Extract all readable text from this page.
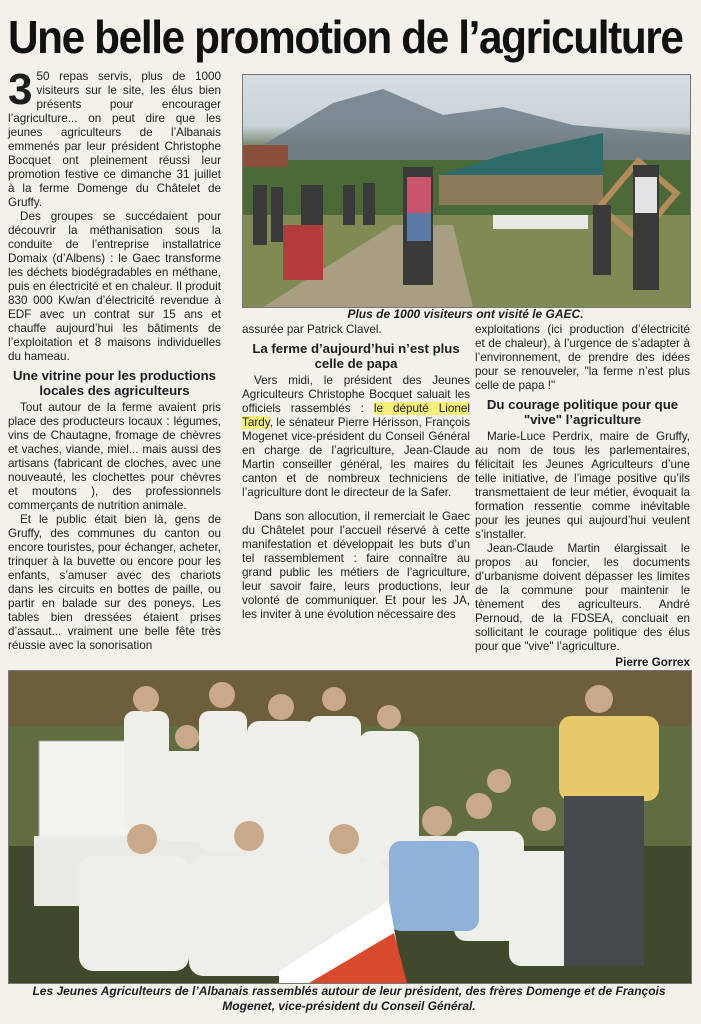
Une belle promotion de l’agriculture

3 50 repas servis, plus de 1000 visiteurs sur le site, les élus bien présents pour encourager l’agriculture... on peut dire que les jeunes agriculteurs de l’Albanais emmenés par leur président Christophe Bocquet ont pleinement réussi leur promotion festive ce dimanche 31 juillet à la ferme Domenge du Châtelet de Gruffy.

Des groupes se succédaient pour découvrir la méthanisation sous la conduite de l’entreprise installatrice Domaix (d’Albens) : le Gaec transforme les déchets biodégradables en méthane, puis en électricité et en chaleur. Il produit 830 000 Kw/an d’électricité revendue à EDF avec un contrat sur 15 ans et chauffe aujourd’hui les bâtiments de l’exploitation et 8 maisons individuelles du hameau.

Une vitrine pour les productions locales des agriculteurs

Tout autour de la ferme avaient pris place des producteurs locaux : légumes, vins de Chautagne, fromage de chèvres et vaches, viande, miel... mais aussi des artisans (fabricant de cloches, avec une nouveauté, les clochettes pour chèvres et moutons ), des professionnels commerçants de nutrition animale.

Et le public était bien là, gens de Gruffy, des communes du canton ou encore touristes, pour échanger, acheter, trinquer à la buvette ou encore pour les enfants, s’amuser avec des chariots dans les circuits en bottes de paille, ou partir en balade sur des poneys. Les tables bien dressées étaient prises d’assaut... vraiment une belle fête très réussie avec la sonorisation

Plus de 1000 visiteurs ont visité le GAEC.

assurée par Patrick Clavel.

La ferme d’aujourd’hui n’est plus celle de papa

Vers midi, le président des Jeunes Agriculteurs Christophe Bocquet saluait les officiels rassemblés : le député Lionel Tardy, le sénateur Pierre Hérisson, François Mogenet vice-président du Conseil Général en charge de l’agriculture, Jean-Claude Martin conseiller général, les maires du canton et de nombreux techniciens de l’agriculture dont le directeur de la Safer.

Dans son allocution, il remerciait le Gaec du Châtelet pour l’accueil réservé à cette manifestation et développait les buts d’un tel rassemblement : faire connaître au grand public les métiers de l’agriculture, leur savoir faire, leurs productions, leur volonté de communiquer. Et pour les JA, les inviter à une évolution nécessaire des

exploitations (ici production d’électricité et de chaleur), à l’urgence de s’adapter à l’environnement, de prendre des idées pour se renouveler, "la ferme n’est plus celle de papa !"

Du courage politique pour que "vive" l’agriculture

Marie-Luce Perdrix, maire de Gruffy, au nom de tous les parlementaires, félicitait les Jeunes Agriculteurs d’une telle initiative, de l’image positive qu’ils transmettaient de leur métier, évoquait la formation ressentie comme inévitable pour les jeunes qui aujourd’hui veulent s’installer.

Jean-Claude Martin élargissait le propos au foncier, les documents d’urbanisme doivent dépasser les limites de la commune pour maintenir le tènement des agriculteurs. André Pernoud, de la FDSEA, concluait en sollicitant le courage politique des élus pour que "vive" l’agriculture.

Pierre Gorrex
Les Jeunes Agriculteurs de l’Albanais rassemblés autour de leur président, des frères Domenge et de François Mogenet, vice-président du Conseil Général.
